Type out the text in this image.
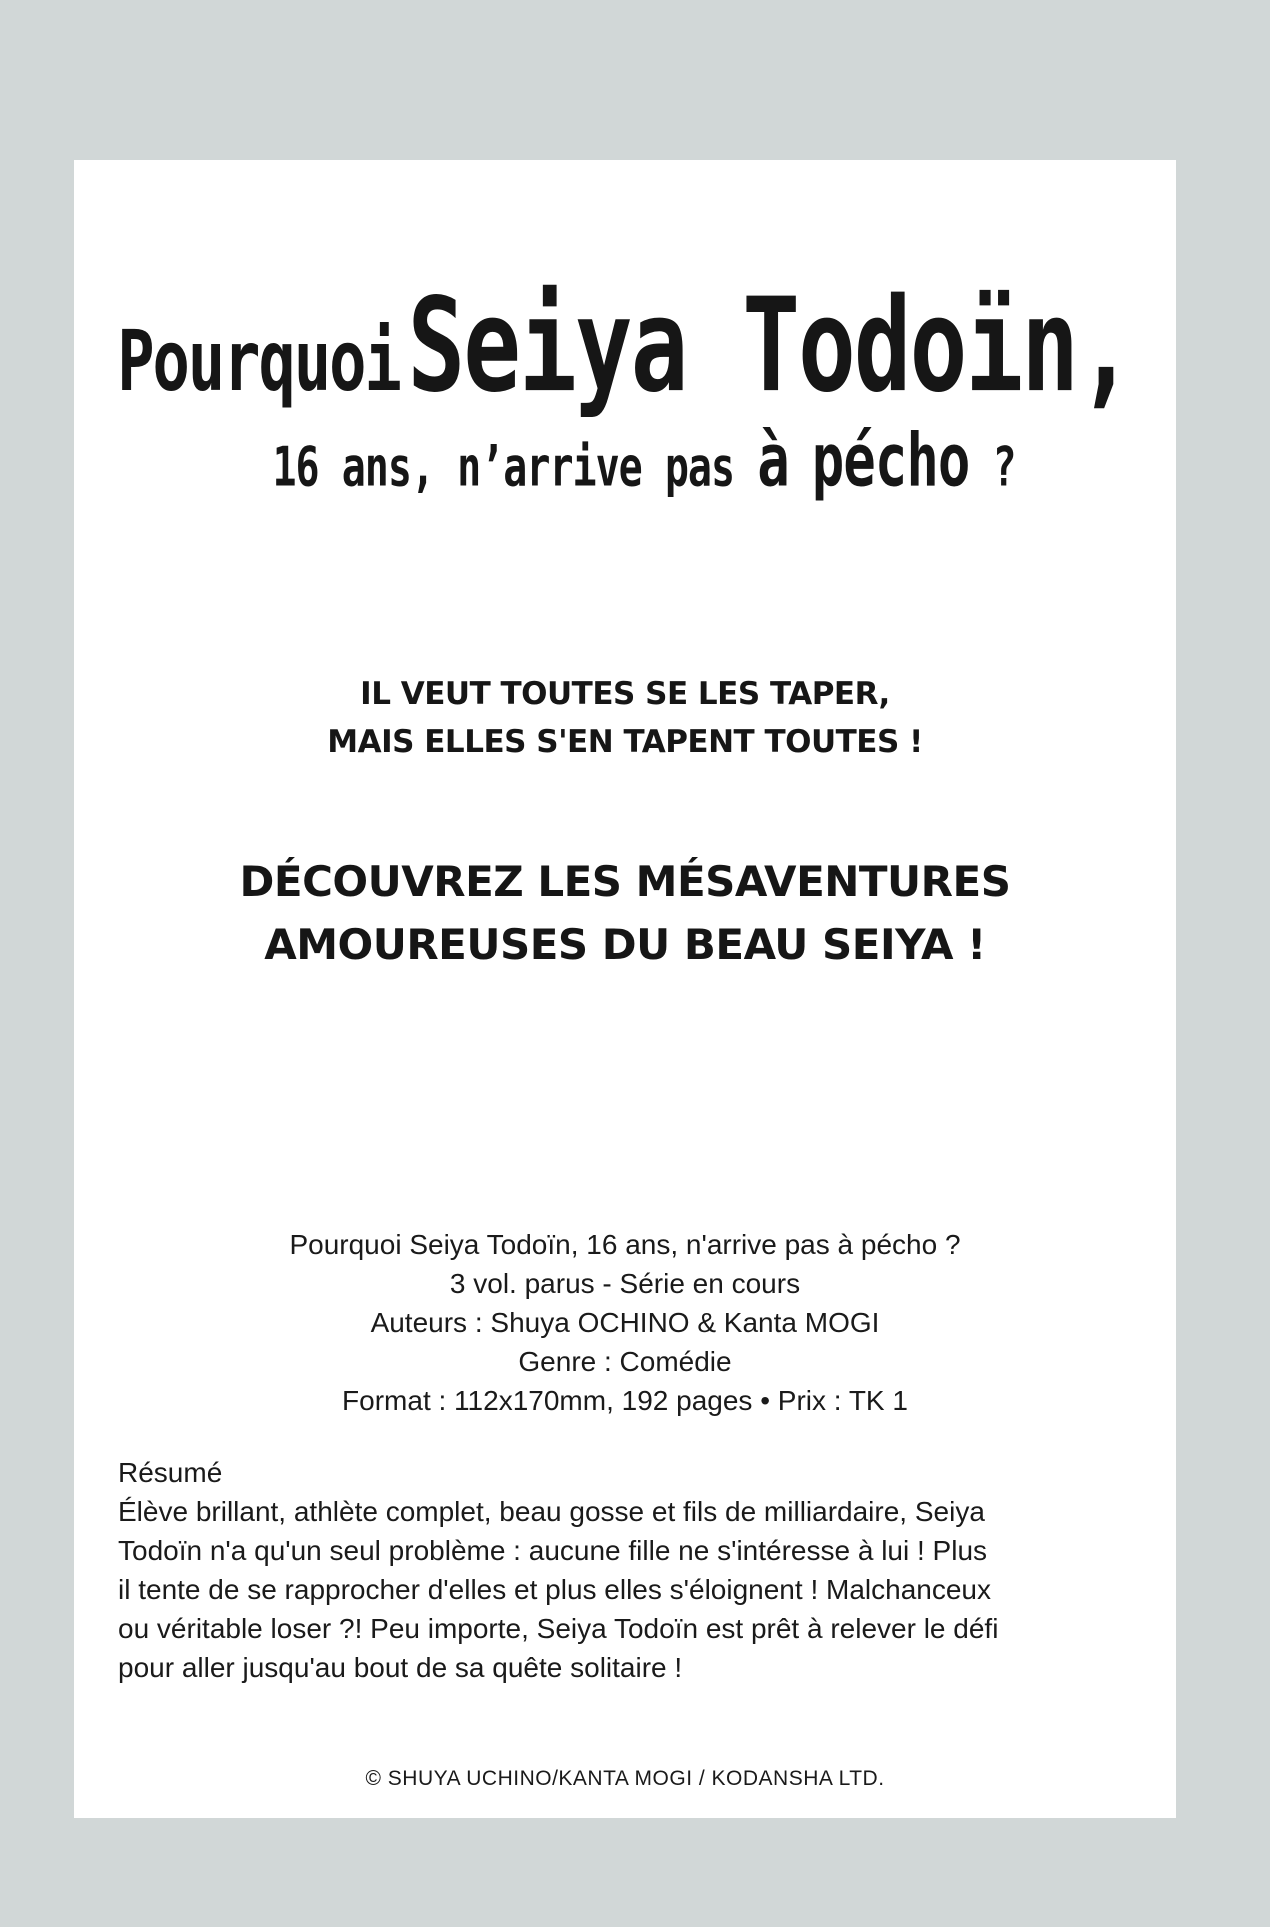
Pourquoi Seiya Todoïn,
16 ans, n’arrive pas à pécho ?
IL VEUT TOUTES SE LES TAPER,
MAIS ELLES S'EN TAPENT TOUTES !
DÉCOUVREZ LES MÉSAVENTURES
AMOUREUSES DU BEAU SEIYA !
Pourquoi Seiya Todoïn, 16 ans, n'arrive pas à pécho ?
3 vol. parus - Série en cours
Auteurs : Shuya OCHINO & Kanta MOGI
Genre : Comédie
Format : 112x170mm, 192 pages • Prix : TK 1

Résumé

Élève brillant, athlète complet, beau gosse et fils de milliardaire, Seiya

Todoïn n'a qu'un seul problème : aucune fille ne s'intéresse à lui ! Plus

il tente de se rapprocher d'elles et plus elles s'éloignent ! Malchanceux

ou véritable loser ?! Peu importe, Seiya Todoïn est prêt à relever le défi

pour aller jusqu'au bout de sa quête solitaire !

© SHUYA UCHINO/KANTA MOGI / KODANSHA LTD.
